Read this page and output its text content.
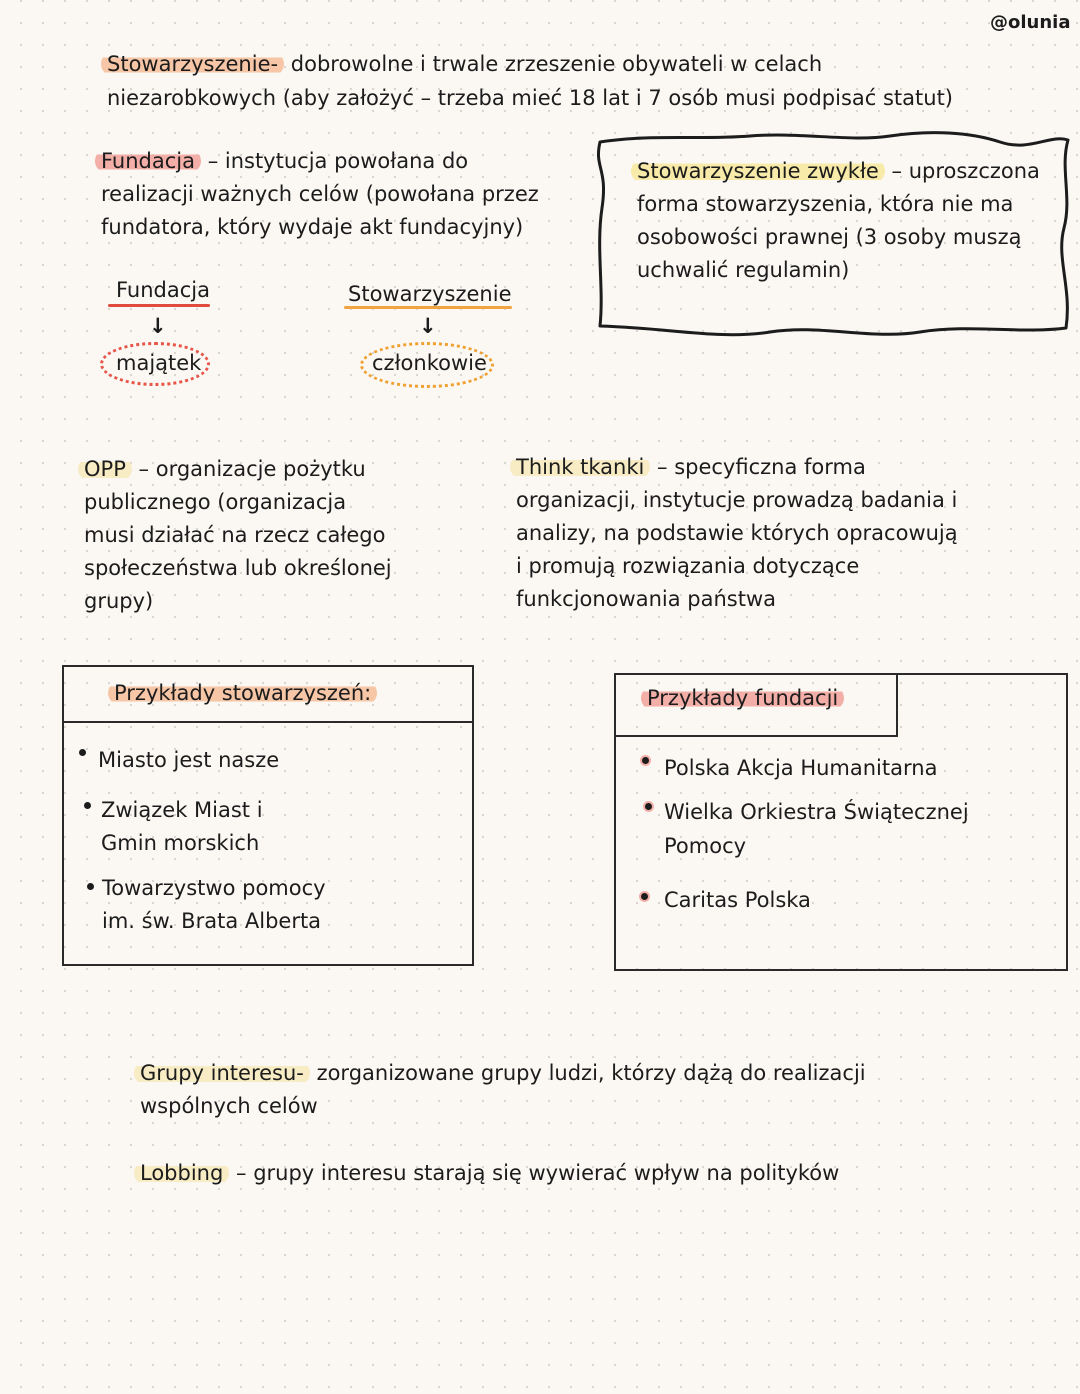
@olunia
Stowarzyszenie- dobrowolne i trwale zrzeszenie obywateli w celach
niezarobkowych (aby założyć – trzeba mieć 18 lat i 7 osób musi podpisać statut)
Fundacja – instytucja powołana do
realizacji ważnych celów (powołana przez
fundatora, który wydaje akt fundacyjny)
Stowarzyszenie zwykłe – uproszczona
forma stowarzyszenia, która nie ma
osobowości prawnej (3 osoby muszą
uchwalić regulamin)
Fundacja
↓
majątek
Stowarzyszenie
↓
członkowie
OPP – organizacje pożytku
publicznego (organizacja
musi działać na rzecz całego
społeczeństwa lub określonej
grupy)
Think tkanki – specyficzna forma
organizacji, instytucje prowadzą badania i
analizy, na podstawie których opracowują
i promują rozwiązania dotyczące
funkcjonowania państwa
Przykłady stowarzyszeń:
Miasto jest nasze
Związek Miast i
Gmin morskich
Towarzystwo pomocy
im. św. Brata Alberta
Przykłady fundacji
Polska Akcja Humanitarna
Wielka Orkiestra Świątecznej
Pomocy
Caritas Polska
Grupy interesu- zorganizowane grupy ludzi, którzy dążą do realizacji
wspólnych celów
Lobbing – grupy interesu starają się wywierać wpływ na polityków
